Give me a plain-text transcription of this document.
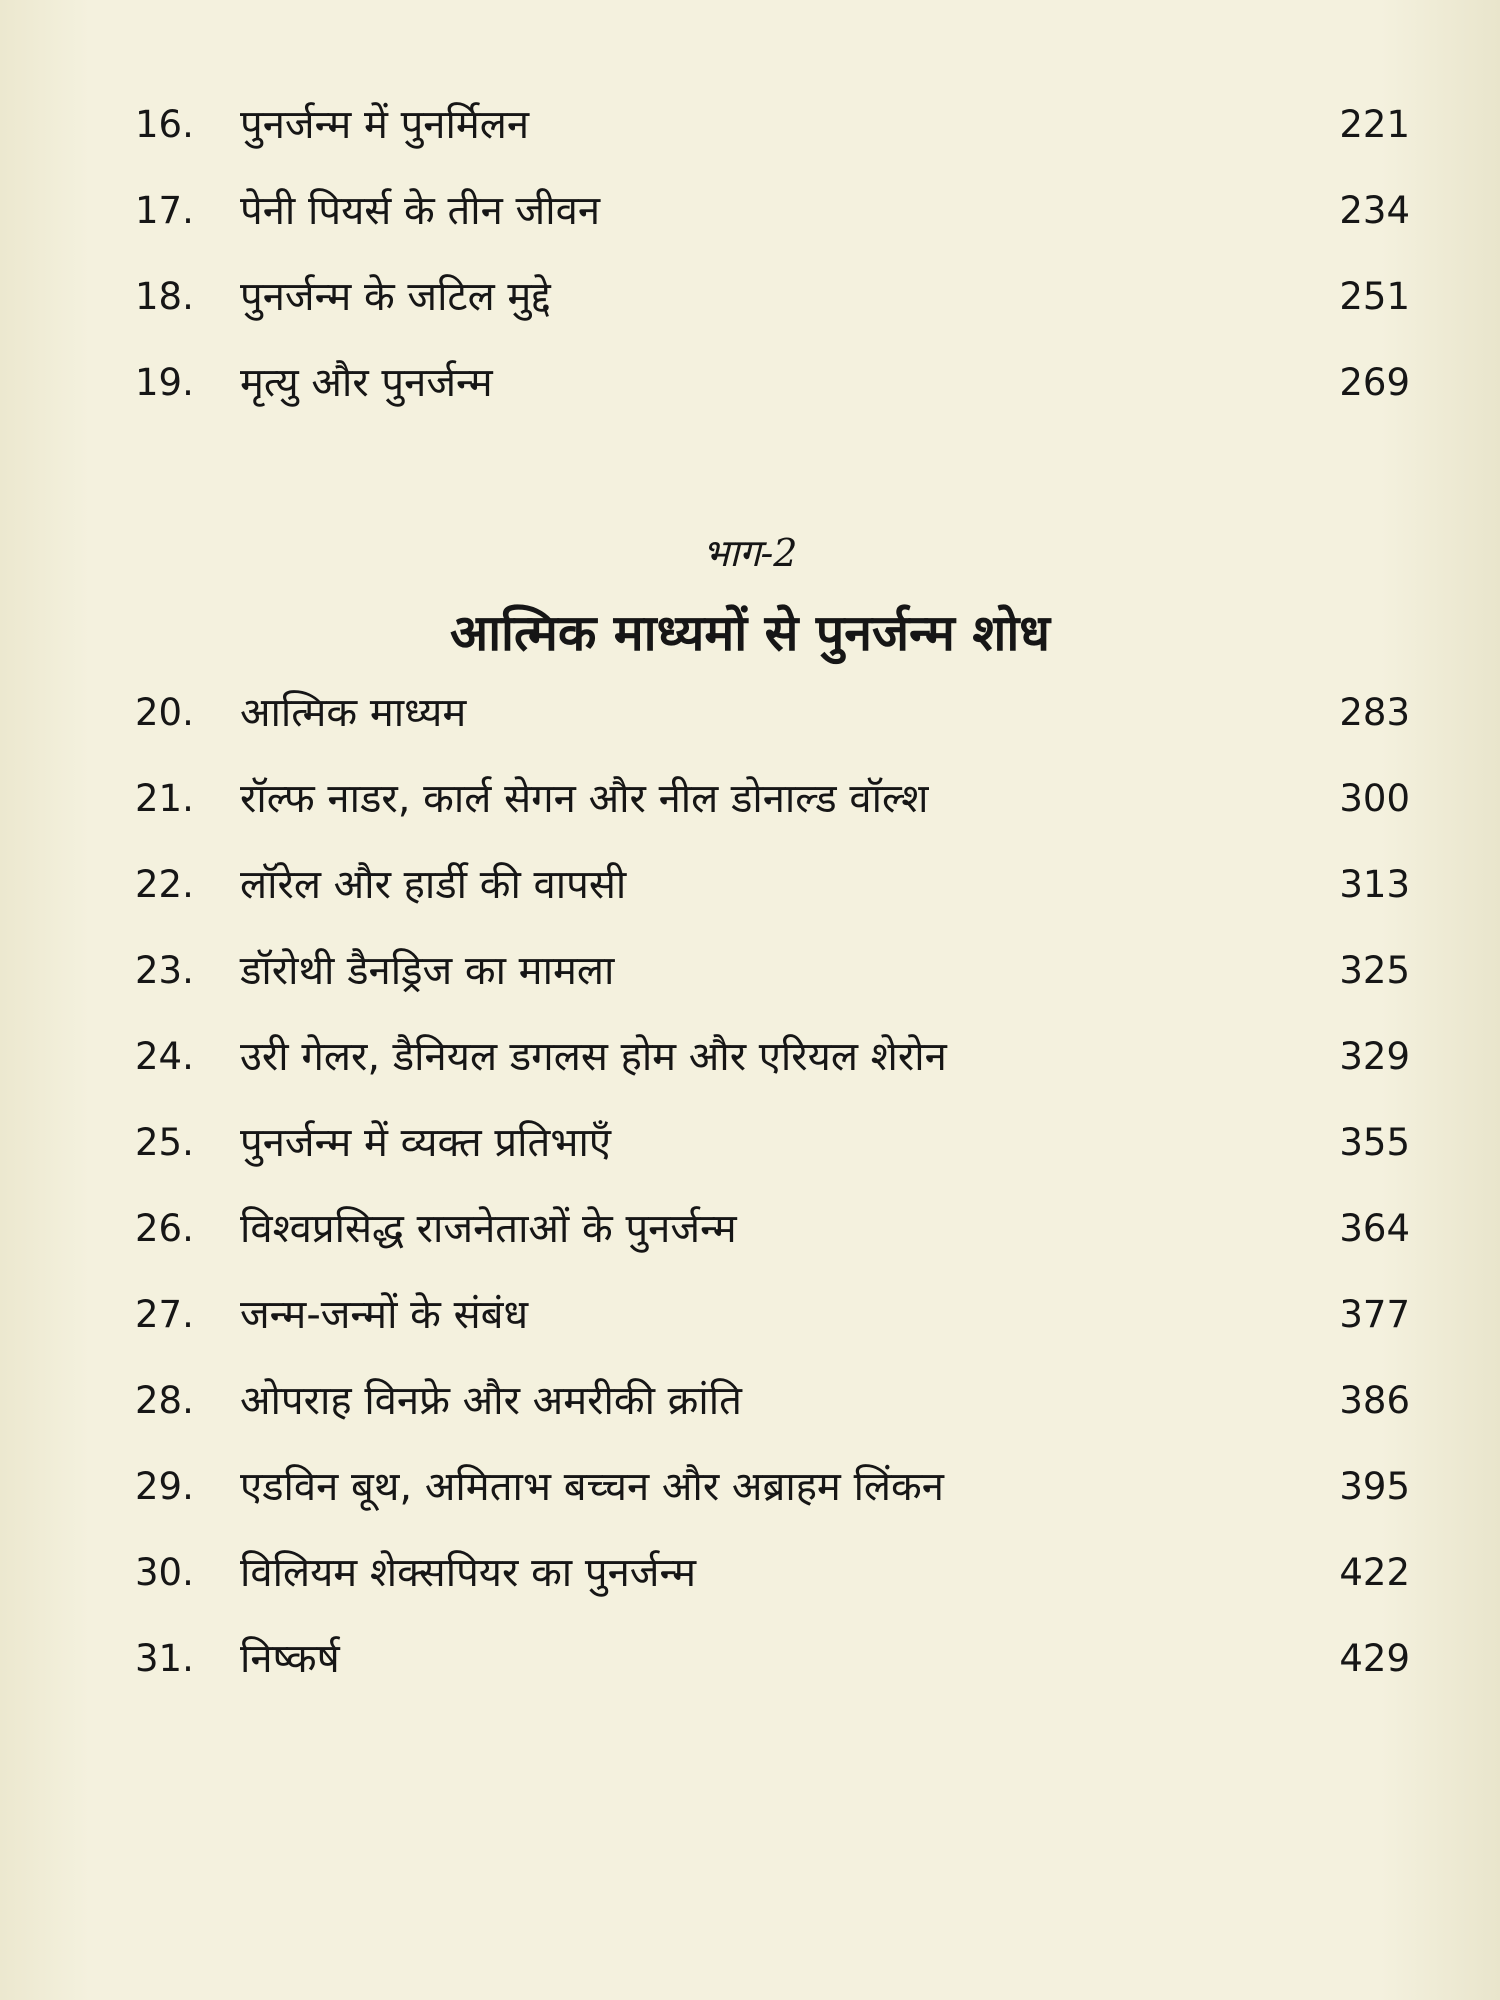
16.	पुनर्जन्म में पुनर्मिलन	221
17.	पेनी पियर्स के तीन जीवन	234
18.	पुनर्जन्म के जटिल मुद्दे	251
19.	मृत्यु और पुनर्जन्म	269
भाग-2
आत्मिक माध्यमों से पुनर्जन्म शोध
20.	आत्मिक माध्यम	283
21.	रॉल्फ नाडर, कार्ल सेगन और नील डोनाल्ड वॉल्श	300
22.	लॉरेल और हार्डी की वापसी	313
23.	डॉरोथी डैनड्रिज का मामला	325
24.	उरी गेलर, डैनियल डगलस होम और एरियल शेरोन	329
25.	पुनर्जन्म में व्यक्त प्रतिभाएँ	355
26.	विश्वप्रसिद्ध राजनेताओं के पुनर्जन्म	364
27.	जन्म-जन्मों के संबंध	377
28.	ओपराह विनफ्रे और अमरीकी क्रांति	386
29.	एडविन बूथ, अमिताभ बच्चन और अब्राहम लिंकन	395
30.	विलियम शेक्सपियर का पुनर्जन्म	422
31.	निष्कर्ष	429
